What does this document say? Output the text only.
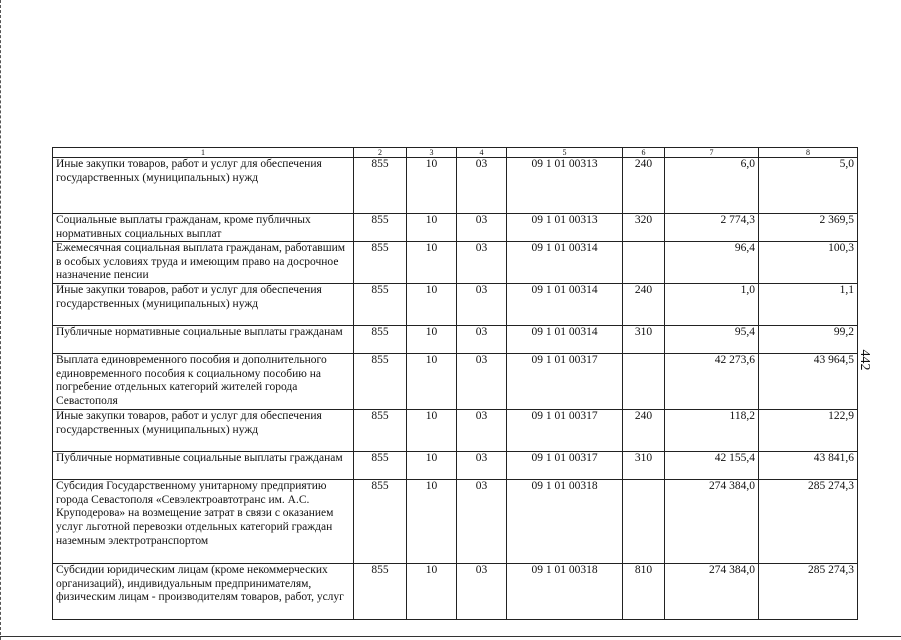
1	2	3	4	5	6	7	8
Иные закупки товаров, работ и услуг для обеспечения государственных (муниципальных) нужд	855	10	03	09 1 01 00313	240	6,0	5,0
Социальные выплаты гражданам, кроме публичных нормативных социальных выплат	855	10	03	09 1 01 00313	320	2 774,3	2 369,5
Ежемесячная социальная выплата гражданам, работавшим в особых условиях труда и имеющим право на досрочное назначение пенсии	855	10	03	09 1 01 00314		96,4	100,3
Иные закупки товаров, работ и услуг для обеспечения государственных (муниципальных) нужд	855	10	03	09 1 01 00314	240	1,0	1,1
Публичные нормативные социальные выплаты гражданам	855	10	03	09 1 01 00314	310	95,4	99,2
Выплата единовременного пособия и дополнительного единовременного пособия к социальному пособию на погребение отдельных категорий жителей города Севастополя	855	10	03	09 1 01 00317		42 273,6	43 964,5
Иные закупки товаров, работ и услуг для обеспечения государственных (муниципальных) нужд	855	10	03	09 1 01 00317	240	118,2	122,9
Публичные нормативные социальные выплаты гражданам	855	10	03	09 1 01 00317	310	42 155,4	43 841,6
Субсидия Государственному унитарному предприятию города Севастополя «Севэлектроавтотранс им. А.С. Круподерова» на возмещение затрат в связи с оказанием услуг льготной перевозки отдельных категорий граждан наземным электротранспортом	855	10	03	09 1 01 00318		274 384,0	285 274,3
Субсидии юридическим лицам (кроме некоммерческих организаций), индивидуальным предпринимателям, физическим лицам - производителям товаров, работ, услуг	855	10	03	09 1 01 00318	810	274 384,0	285 274,3
442
